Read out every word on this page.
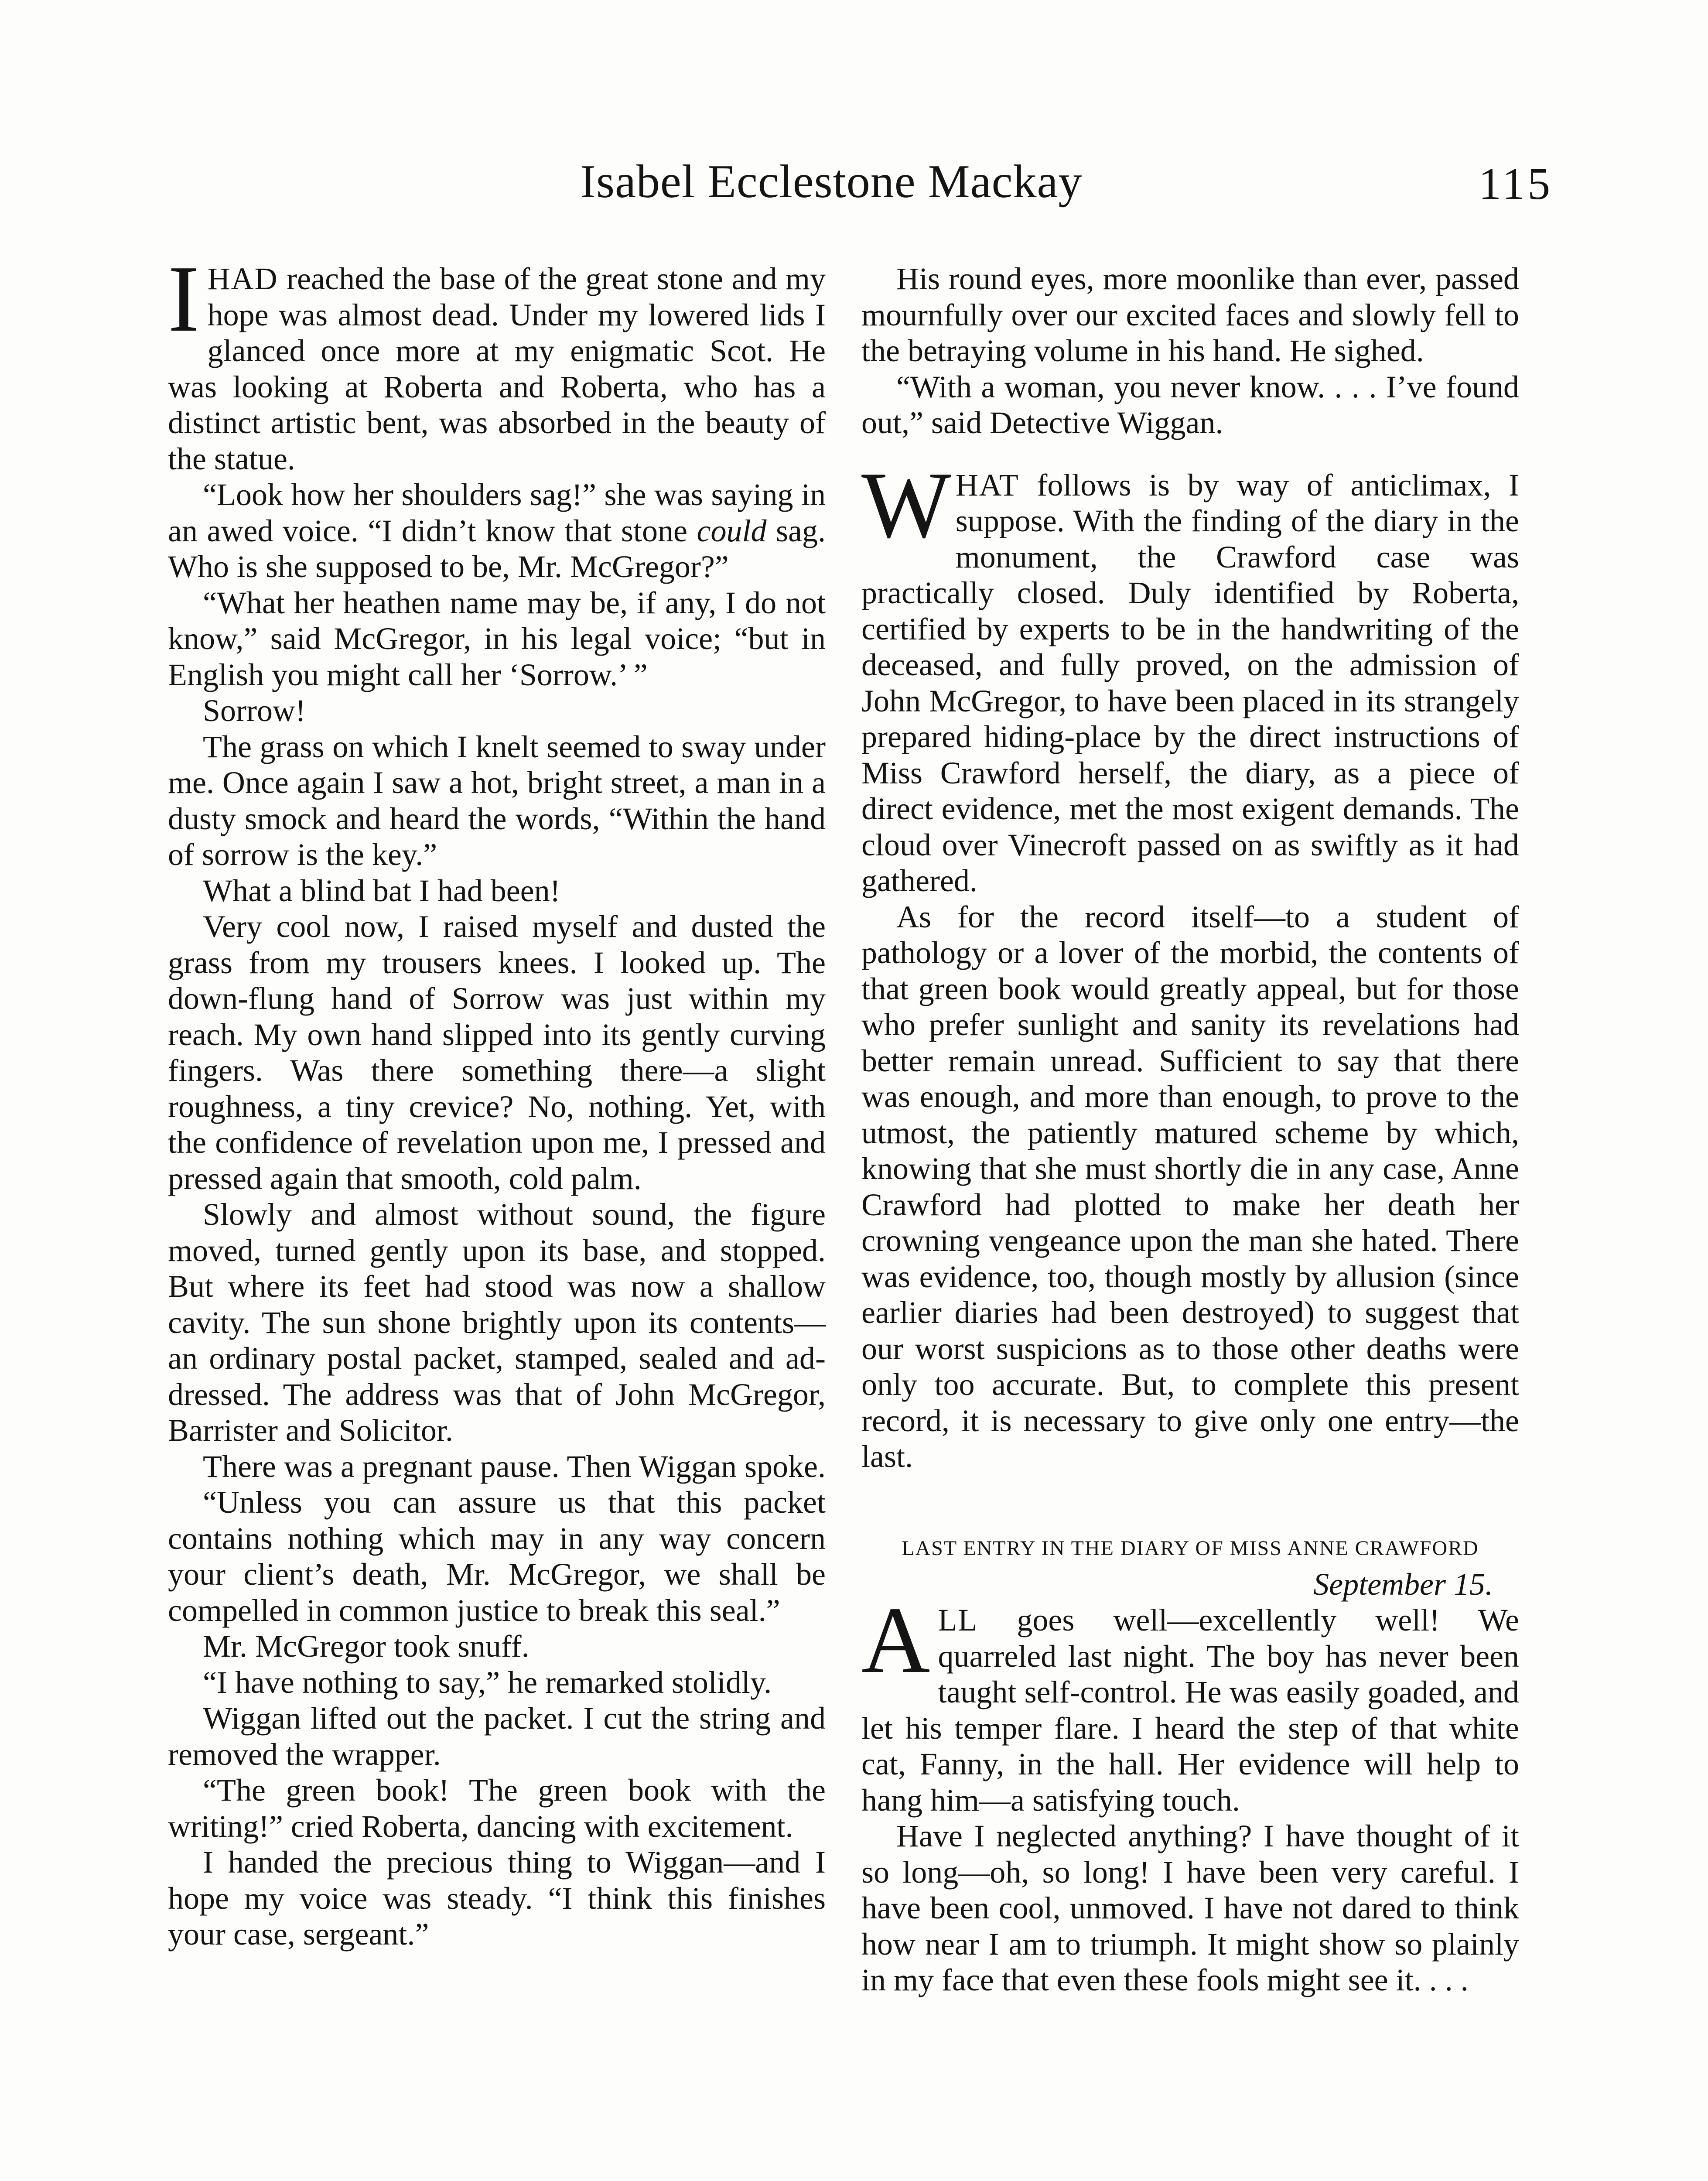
Isabel Ecclestone Mackay	115

IHAD reached the base of the great stone and my hope was almost dead. Under my lowered lids I glanced once more at my enigmatic Scot. He was looking at Roberta and Roberta, who has a distinct artistic bent, was absorbed in the beauty of the statue.

“Look how her shoulders sag!” she was saying in an awed voice. “I didn’t know that stone could sag. Who is she supposed to be, Mr. McGregor?”

“What her heathen name may be, if any, I do not know,” said McGregor, in his legal voice; “but in English you might call her ‘Sorrow.’ ”

Sorrow!

The grass on which I knelt seemed to sway under me. Once again I saw a hot, bright street, a man in a dusty smock and heard the words, “Within the hand of sorrow is the key.”

What a blind bat I had been!

Very cool now, I raised myself and dusted the grass from my trousers knees. I looked up. The down-flung hand of Sorrow was just within my reach. My own hand slipped into its gently curving fingers. Was there something there—a slight roughness, a tiny crevice? No, nothing. Yet, with the confidence of revelation upon me, I pressed and pressed again that smooth, cold palm.

Slowly and almost without sound, the figure moved, turned gently upon its base, and stopped. But where its feet had stood was now a shallow cavity. The sun shone brightly upon its contents—an ordinary postal packet, stamped, sealed and addressed. The address was that of John McGregor, Barrister and Solicitor.

There was a pregnant pause. Then Wiggan spoke.

“Unless you can assure us that this packet contains nothing which may in any way concern your client’s death, Mr. McGregor, we shall be compelled in common justice to break this seal.”

Mr. McGregor took snuff.

“I have nothing to say,” he remarked stolidly.

Wiggan lifted out the packet. I cut the string and removed the wrapper.

“The green book! The green book with the writing!” cried Roberta, dancing with excitement.

I handed the precious thing to Wiggan—and I hope my voice was steady. “I think this finishes your case, sergeant.”

His round eyes, more moonlike than ever, passed mournfully over our excited faces and slowly fell to the betraying volume in his hand. He sighed.

“With a woman, you never know. . . . I’ve found out,” said Detective Wiggan.

WHAT follows is by way of anticlimax, I suppose. With the finding of the diary in the monument, the Crawford case was practically closed. Duly identified by Roberta, certified by experts to be in the handwriting of the deceased, and fully proved, on the admission of John McGregor, to have been placed in its strangely prepared hiding-place by the direct instructions of Miss Crawford herself, the diary, as a piece of direct evidence, met the most exigent demands. The cloud over Vinecroft passed on as swiftly as it had gathered.

As for the record itself—to a student of pathology or a lover of the morbid, the contents of that green book would greatly appeal, but for those who prefer sunlight and sanity its revelations had better remain unread. Sufficient to say that there was enough, and more than enough, to prove to the utmost, the patiently matured scheme by which, knowing that she must shortly die in any case, Anne Crawford had plotted to make her death her crowning vengeance upon the man she hated. There was evidence, too, though mostly by allusion (since earlier diaries had been destroyed) to suggest that our worst suspicions as to those other deaths were only too accurate. But, to complete this present record, it is necessary to give only one entry—the last.

LAST ENTRY IN THE DIARY OF MISS ANNE CRAWFORD

September 15.

ALL goes well—excellently well! We quarreled last night. The boy has never been taught self-control. He was easily goaded, and let his temper flare. I heard the step of that white cat, Fanny, in the hall. Her evidence will help to hang him—a satisfying touch.

Have I neglected anything? I have thought of it so long—oh, so long! I have been very careful. I have been cool, unmoved. I have not dared to think how near I am to triumph. It might show so plainly in my face that even these fools might see it. . . .
